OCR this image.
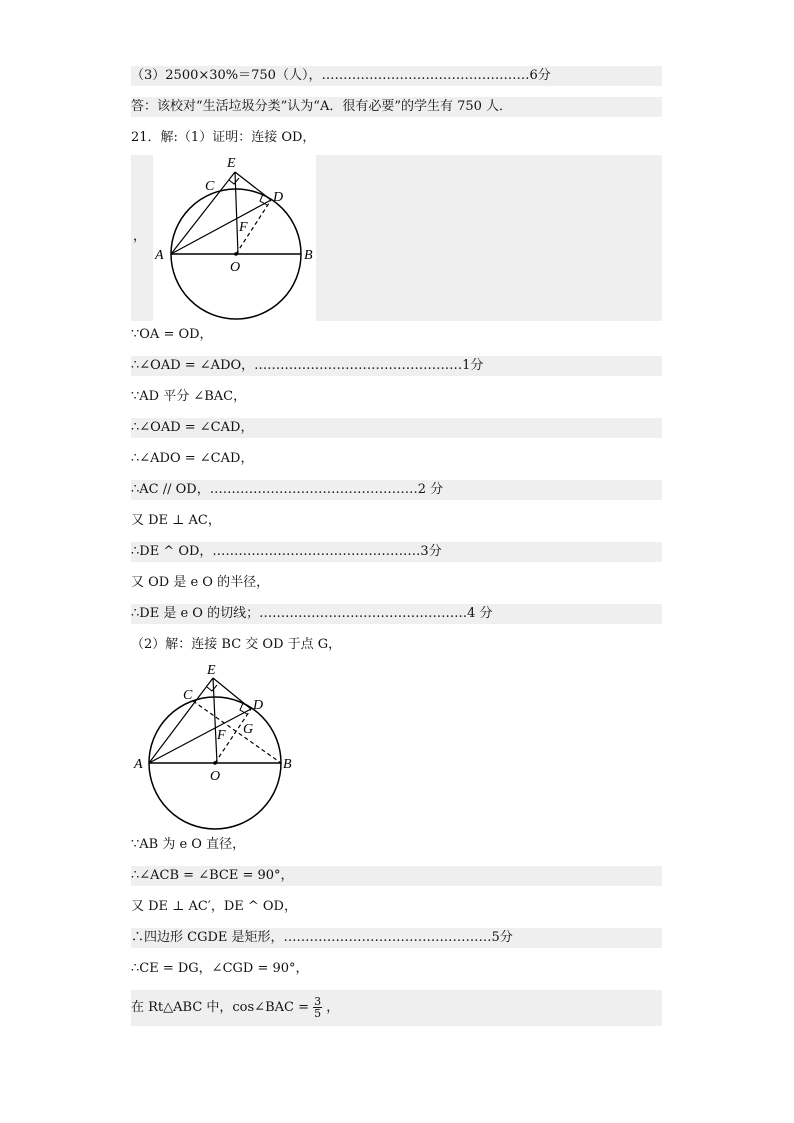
（3）2500×30%＝750（人），…………………………………………6分
答：该校对“生活垃圾分类”认为“A．很有必要”的学生有 750 人．
21．解:（1）证明：连接 OD，
，
E
C
D
F
A
O
B
∵OA = OD，
∴∠OAD = ∠ADO，…………………………………………1分
∵AD 平分 ∠BAC，
∴∠OAD = ∠CAD，
∴∠ADO = ∠CAD，
∴AC // OD，…………………………………………2 分
又 DE ⊥ AC，
∴DE ^ OD，…………………………………………3分
又 OD 是 e O 的半径，
∴DE 是 e O 的切线；…………………………………………4 分
（2）解：连接 BC 交 OD 于点 G，
E
C
D
G
F
A
O
B
∵AB 为 e O 直径，
∴∠ACB = ∠BCE = 90°，
又 DE ⊥ AC′，DE ^ OD，
∴四边形 CGDE 是矩形，…………………………………………5分
∴CE = DG，∠CGD = 90°，
在 Rt△ABC 中，cos∠BAC = $\frac{3}{5}$ ，
